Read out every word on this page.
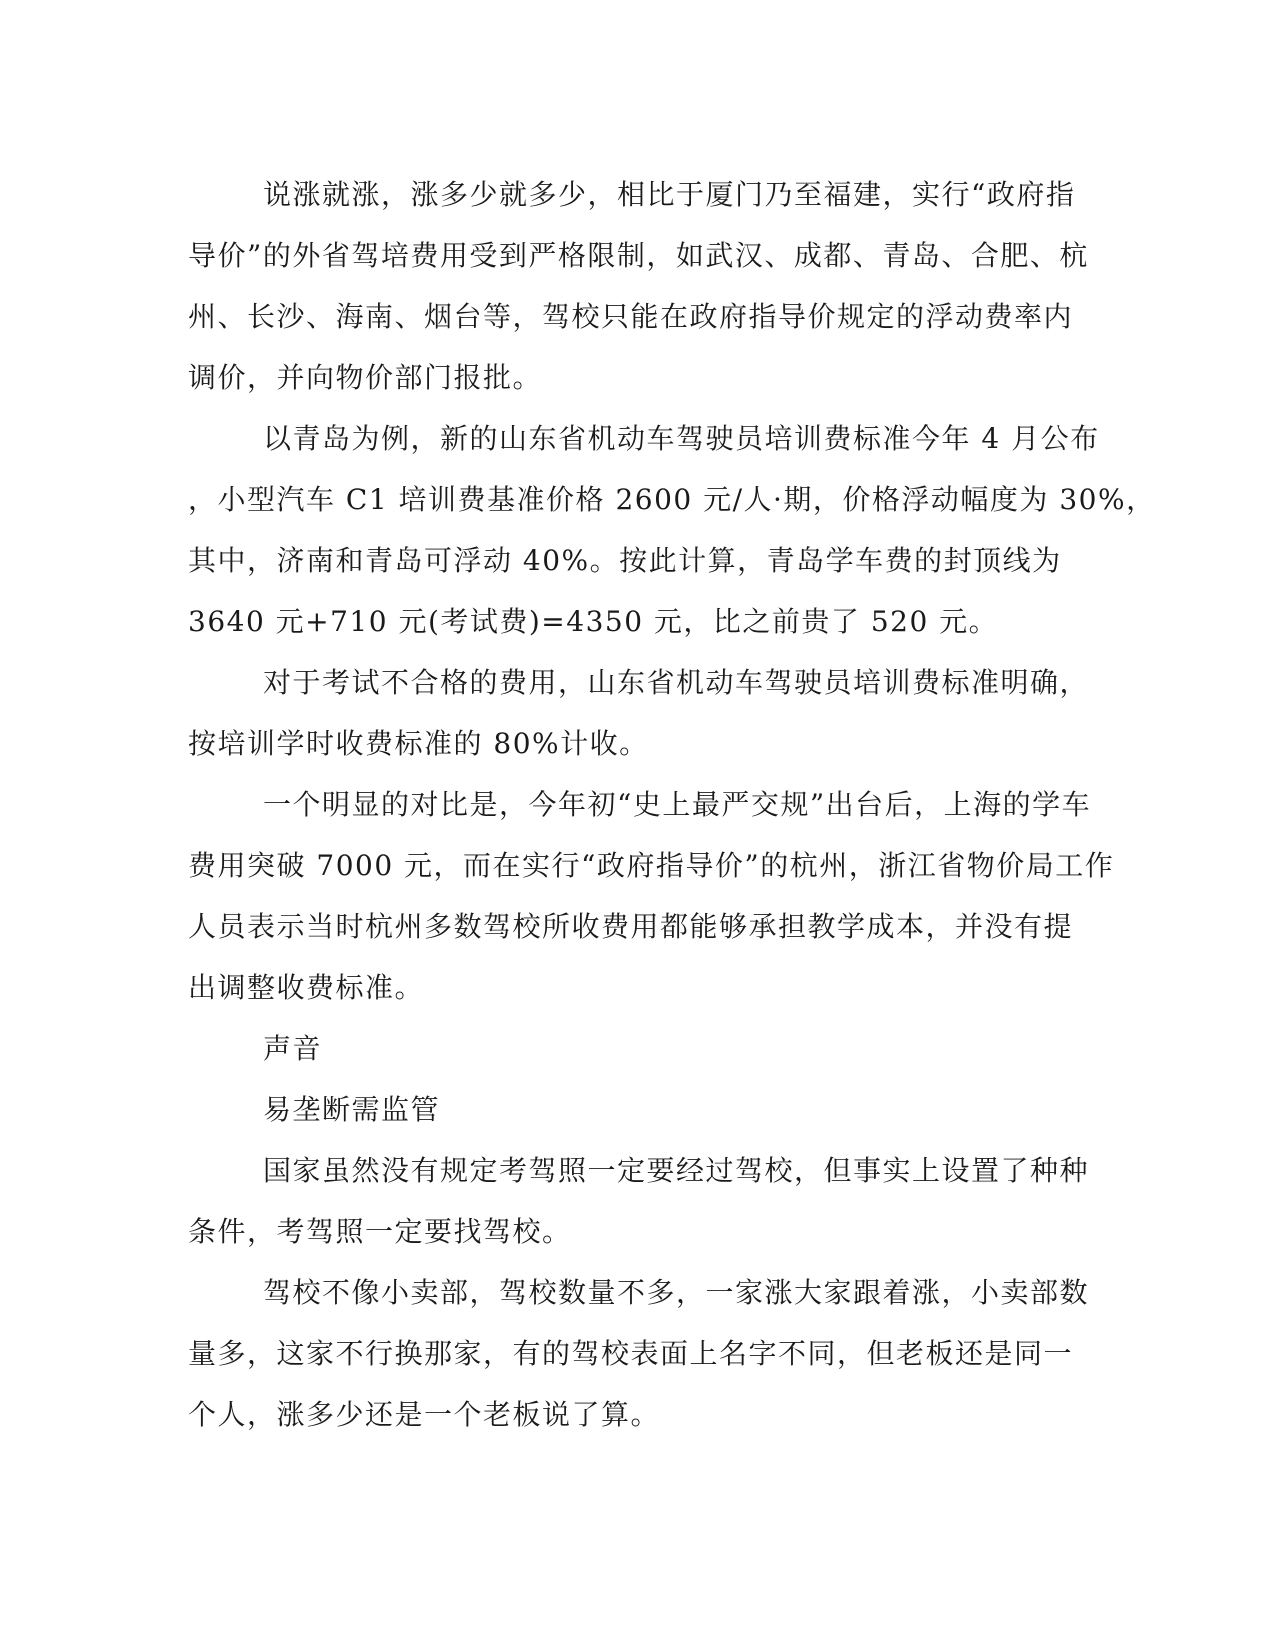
说涨就涨，涨多少就多少，相比于厦门乃至福建，实行“政府指
导价”的外省驾培费用受到严格限制，如武汉、成都、青岛、合肥、杭
州、长沙、海南、烟台等，驾校只能在政府指导价规定的浮动费率内
调价，并向物价部门报批。

以青岛为例，新的山东省机动车驾驶员培训费标准今年 4 月公布
，小型汽车 C1 培训费基准价格 2600 元/人·期，价格浮动幅度为 30%，
其中，济南和青岛可浮动 40%。按此计算，青岛学车费的封顶线为
3640 元+710 元(考试费)=4350 元，比之前贵了 520 元。

对于考试不合格的费用，山东省机动车驾驶员培训费标准明确，
按培训学时收费标准的 80%计收。

一个明显的对比是，今年初“史上最严交规”出台后，上海的学车
费用突破 7000 元，而在实行“政府指导价”的杭州，浙江省物价局工作
人员表示当时杭州多数驾校所收费用都能够承担教学成本，并没有提
出调整收费标准。

声音

易垄断需监管

国家虽然没有规定考驾照一定要经过驾校，但事实上设置了种种
条件，考驾照一定要找驾校。

驾校不像小卖部，驾校数量不多，一家涨大家跟着涨，小卖部数
量多，这家不行换那家，有的驾校表面上名字不同，但老板还是同一
个人，涨多少还是一个老板说了算。
